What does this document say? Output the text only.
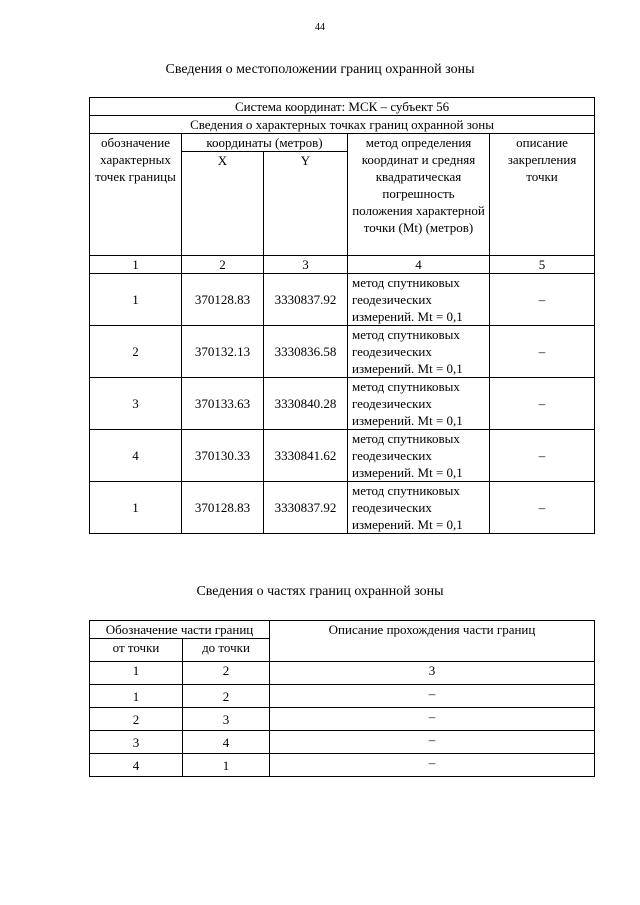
44
Сведения о местоположении границ охранной зоны
Система координат: МСК – субъект 56				
Сведения о характерных точках границ охранной зоны				
обозначение характерных точек границы	координаты (метров)		метод определения координат и средняя квадратическая погрешность положения характерной точки (Mt) (метров)	описание закрепления точки
	X	Y		
1	2	3	4	5
1	370128.83	3330837.92	метод спутниковых геодезических измерений. Mt = 0,1	–
2	370132.13	3330836.58	метод спутниковых геодезических измерений. Mt = 0,1	–
3	370133.63	3330840.28	метод спутниковых геодезических измерений. Mt = 0,1	–
4	370130.33	3330841.62	метод спутниковых геодезических измерений. Mt = 0,1	–
1	370128.83	3330837.92	метод спутниковых геодезических измерений. Mt = 0,1	–
Сведения о частях границ охранной зоны
Обозначение части границ		Описание прохождения части границ
от точки	до точки	
1	2	3
1	2	–
2	3	–
3	4	–
4	1	–
